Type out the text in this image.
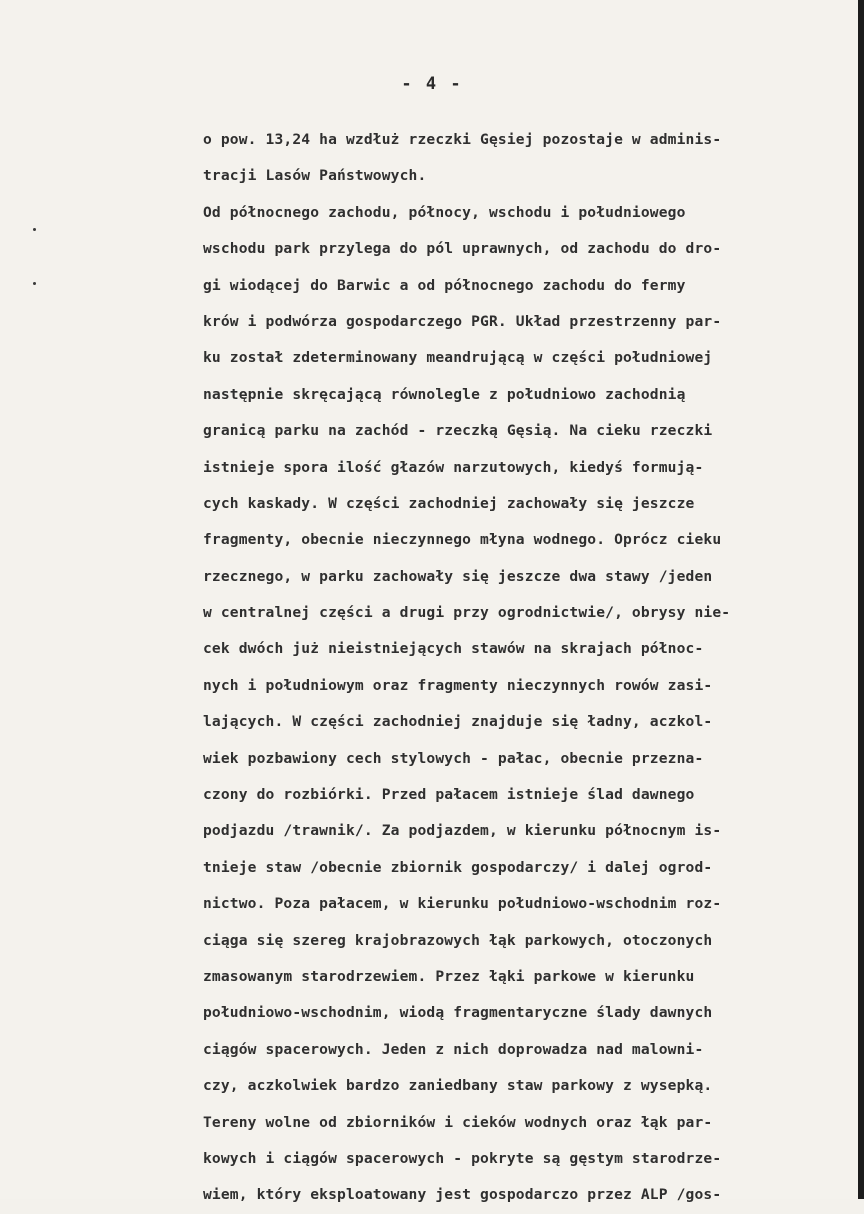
- 4 -
o pow. 13,24 ha wzdłuż rzeczki Gęsiej pozostaje w adminis-
tracji Lasów Państwowych.
Od północnego zachodu, północy, wschodu i południowego
wschodu park przylega do pól uprawnych, od zachodu do dro-
gi wiodącej do Barwic a od północnego zachodu do fermy
krów i podwórza gospodarczego PGR. Układ przestrzenny par-
ku został zdeterminowany meandrującą w części południowej
następnie skręcającą równolegle z południowo zachodnią
granicą parku na zachód - rzeczką Gęsią. Na cieku rzeczki
istnieje spora ilość głazów narzutowych, kiedyś formują-
cych kaskady. W części zachodniej zachowały się jeszcze
fragmenty, obecnie nieczynnego młyna wodnego. Oprócz cieku
rzecznego, w parku zachowały się jeszcze dwa stawy /jeden
w centralnej części a drugi przy ogrodnictwie/, obrysy nie-
cek dwóch już nieistniejących stawów na skrajach północ-
nych i południowym oraz fragmenty nieczynnych rowów zasi-
lających. W części zachodniej znajduje się ładny, aczkol-
wiek pozbawiony cech stylowych - pałac, obecnie przezna-
czony do rozbiórki. Przed pałacem istnieje ślad dawnego
podjazdu /trawnik/. Za podjazdem, w kierunku północnym is-
tnieje staw /obecnie zbiornik gospodarczy/ i dalej ogrod-
nictwo. Poza pałacem, w kierunku południowo-wschodnim roz-
ciąga się szereg krajobrazowych łąk parkowych, otoczonych
zmasowanym starodrzewiem. Przez łąki parkowe w kierunku
południowo-wschodnim, wiodą fragmentaryczne ślady dawnych
ciągów spacerowych. Jeden z nich doprowadza nad malowni-
czy, aczkolwiek bardzo zaniedbany staw parkowy z wysepką.
Tereny wolne od zbiorników i cieków wodnych oraz łąk par-
kowych i ciągów spacerowych - pokryte są gęstym starodrze-
wiem, który eksploatowany jest gospodarczo przez ALP /gos-
